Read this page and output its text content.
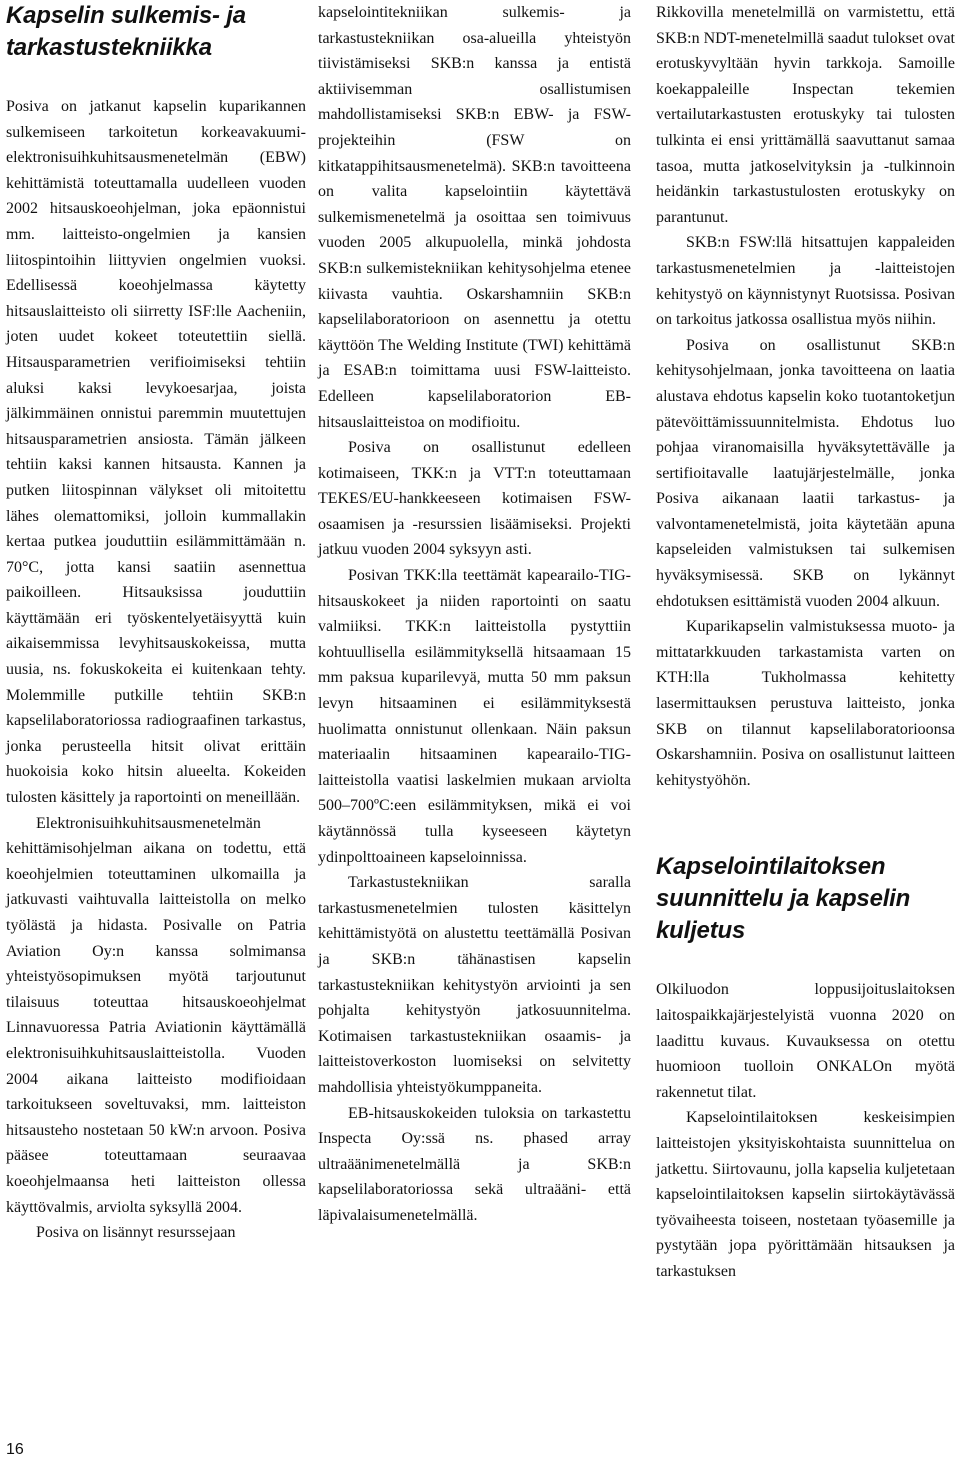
Kapselin sulkemis- ja tarkastustekniikka

Posiva on jatkanut kapselin kuparikannen sulkemiseen tarkoitetun korkeavakuumi-elektronisuihkuhitsausmenetelmän (EBW) kehittämistä toteuttamalla uudelleen vuoden 2002 hitsauskoeohjelman, joka epäonnistui mm. laitteisto-ongelmien ja kansien liitospintoihin liittyvien ongelmien vuoksi. Edellisessä koeohjelmassa käytetty hitsauslaitteisto oli siirretty ISF:lle Aacheniin, joten uudet kokeet toteutettiin siellä. Hitsausparametrien verifioimiseksi tehtiin aluksi kaksi levykoesarjaa, joista jälkimmäinen onnistui paremmin muutettujen hitsausparametrien ansiosta. Tämän jälkeen tehtiin kaksi kannen hitsausta. Kannen ja putken liitospinnan välykset oli mitoitettu lähes olemattomiksi, jolloin kummallakin kertaa putkea jouduttiin esilämmittämään n. 70°C, jotta kansi saatiin asennettua paikoilleen. Hitsauksissa jouduttiin käyttämään eri työskentelyetäisyyttä kuin aikaisemmissa levyhitsauskokeissa, mutta uusia, ns. fokuskokeita ei kuitenkaan tehty. Molemmille putkille tehtiin SKB:n kapselilaboratoriossa radiograafinen tarkastus, jonka perusteella hitsit olivat erittäin huokoisia koko hitsin alueelta. Kokeiden tulosten käsittely ja raportointi on meneillään.

Elektronisuihkuhitsausmenetelmän kehittämisohjelman aikana on todettu, että koeohjelmien toteuttaminen ulkomailla ja jatkuvasti vaihtuvalla laitteistolla on melko työlästä ja hidasta. Posivalle on Patria Aviation Oy:n kanssa solmimansa yhteistyösopimuksen myötä tarjoutunut tilaisuus toteuttaa hitsauskoeohjelmat Linnavuoressa Patria Aviationin käyttämällä elektronisuihkuhitsauslaitteistolla. Vuoden 2004 aikana laitteisto modifioidaan tarkoitukseen soveltuvaksi, mm. laitteiston hitsausteho nostetaan 50 kW:n arvoon. Posiva pääsee toteuttamaan seuraavaa koeohjelmaansa heti laitteiston ollessa käyttövalmis, arviolta syksyllä 2004.

Posiva on lisännyt resurssejaan

kapselointitekniikan sulkemis- ja tarkastustekniikan osa-alueilla yhteistyön tiivistämiseksi SKB:n kanssa ja entistä aktiivisemman osallistumisen mahdollistamiseksi SKB:n EBW- ja FSW-projekteihin (FSW on kitkatappihitsausmenetelmä). SKB:n tavoitteena on valita kapselointiin käytettävä sulkemismenetelmä ja osoittaa sen toimivuus vuoden 2005 alkupuolella, minkä johdosta SKB:n sulkemistekniikan kehitysohjelma etenee kiivasta vauhtia. Oskarshamniin SKB:n kapselilaboratorioon on asennettu ja otettu käyttöön The Welding Institute (TWI) kehittämä ja ESAB:n toimittama uusi FSW-laitteisto. Edelleen kapselilaboratorion EB-hitsauslaitteistoa on modifioitu.

Posiva on osallistunut edelleen kotimaiseen, TKK:n ja VTT:n toteuttamaan TEKES/EU-hankkeeseen kotimaisen FSW-osaamisen ja -resurssien lisäämiseksi. Projekti jatkuu vuoden 2004 syksyyn asti.

Posivan TKK:lla teettämät kapearailo-TIG-hitsauskokeet ja niiden raportointi on saatu valmiiksi. TKK:n laitteistolla pystyttiin kohtuullisella esilämmityksellä hitsaamaan 15 mm paksua kuparilevyä, mutta 50 mm paksun levyn hitsaaminen ei esilämmityksestä huolimatta onnistunut ollenkaan. Näin paksun materiaalin hitsaaminen kapearailo-TIG-laitteistolla vaatisi laskelmien mukaan arviolta 500–700ºC:een esilämmityksen, mikä ei voi käytännössä tulla kyseeseen käytetyn ydinpolttoaineen kapseloinnissa.

Tarkastustekniikan saralla tarkastusmenetelmien tulosten käsittelyn kehittämistyötä on alustettu teettämällä Posivan ja SKB:n tähänastisen kapselin tarkastustekniikan kehitystyön arviointi ja sen pohjalta kehitystyön jatkosuunnitelma. Kotimaisen tarkastustekniikan osaamis- ja laitteistoverkoston luomiseksi on selvitetty mahdollisia yhteistyökumppaneita.

EB-hitsauskokeiden tuloksia on tarkastettu Inspecta Oy:ssä ns. phased array ultraäänimenetelmällä ja SKB:n kapselilaboratoriossa sekä ultraääni- että läpivalaisumenetelmällä.

Rikkovilla menetelmillä on varmistettu, että SKB:n NDT-menetelmillä saadut tulokset ovat erotuskyvyltään hyvin tarkkoja. Samoille koekappaleille Inspectan tekemien vertailutarkastusten erotuskyky tai tulosten tulkinta ei ensi yrittämällä saavuttanut samaa tasoa, mutta jatkoselvityksin ja -tulkinnoin heidänkin tarkastustulosten erotuskyky on parantunut.

SKB:n FSW:llä hitsattujen kappaleiden tarkastusmenetelmien ja -laitteistojen kehitystyö on käynnistynyt Ruotsissa. Posivan on tarkoitus jatkossa osallistua myös niihin.

Posiva on osallistunut SKB:n kehitysohjelmaan, jonka tavoitteena on laatia alustava ehdotus kapselin koko tuotantoketjun pätevöittämissuunnitelmista. Ehdotus luo pohjaa viranomaisilla hyväksytettävälle ja sertifioitavalle laatujärjestelmälle, jonka Posiva aikanaan laatii tarkastus- ja valvontamenetelmistä, joita käytetään apuna kapseleiden valmistuksen tai sulkemisen hyväksymisessä. SKB on lykännyt ehdotuksen esittämistä vuoden 2004 alkuun.

Kuparikapselin valmistuksessa muoto- ja mittatarkkuuden tarkastamista varten on KTH:lla Tukholmassa kehitetty lasermittauksen perustuva laitteisto, jonka SKB on tilannut kapselilaboratorioonsa Oskarshamniin. Posiva on osallistunut laitteen kehitystyöhön.

Kapselointilaitoksen suunnittelu ja kapselin kuljetus

Olkiluodon loppusijoituslaitoksen laitospaikkajärjestelyistä vuonna 2020 on laadittu kuvaus. Kuvauksessa on otettu huomioon tuolloin ONKALOn myötä rakennetut tilat.

Kapselointilaitoksen keskeisimpien laitteistojen yksityiskohtaista suunnittelua on jatkettu. Siirtovaunu, jolla kapselia kuljetetaan kapselointilaitoksen kapselin siirtokäytävässä työvaiheesta toiseen, nostetaan työasemille ja pystytään jopa pyörittämään hitsauksen ja tarkastuksen

16
